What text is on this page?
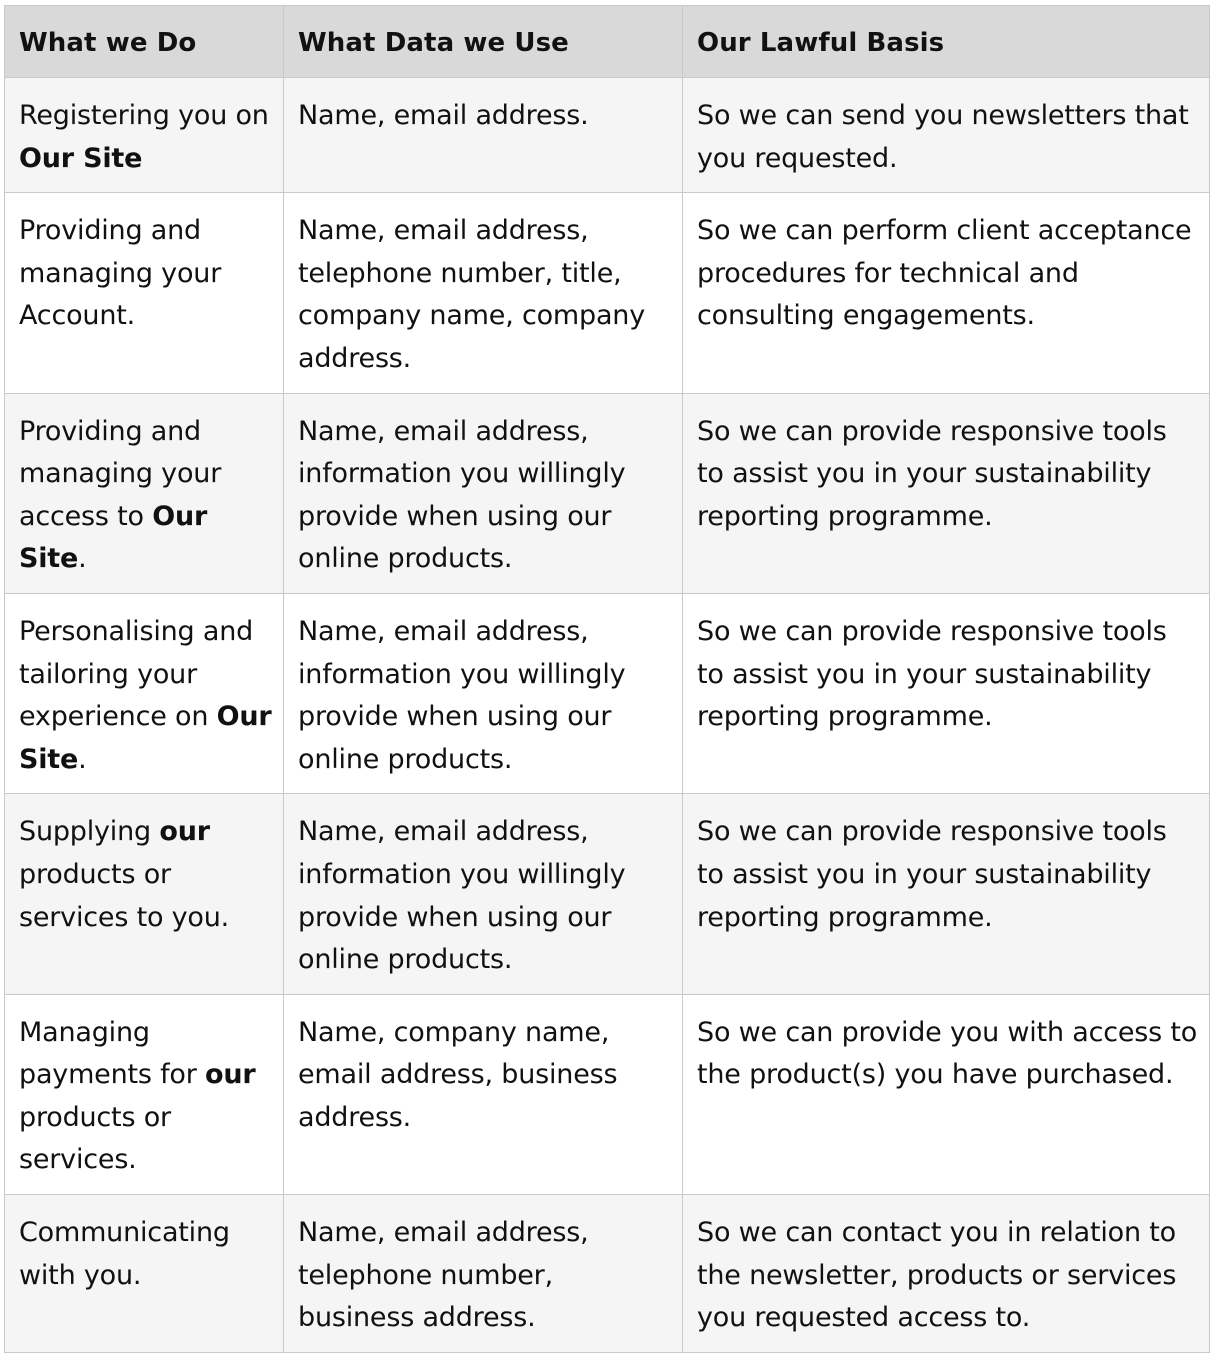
What we Do	What Data we Use	Our Lawful Basis
Registering you on Our Site	Name, email address.	So we can send you newsletters that you requested.
Providing and managing your Account.	Name, email address, telephone number, title, company name, company address.	So we can perform client acceptance procedures for technical and consulting engagements.
Providing and managing your access to Our Site.	Name, email address, information you willingly provide when using our online products.	So we can provide responsive tools to assist you in your sustainability reporting programme.
Personalising and tailoring your experience on Our Site.	Name, email address, information you willingly provide when using our online products.	So we can provide responsive tools to assist you in your sustainability reporting programme.
Supplying our products or services to you.	Name, email address, information you willingly provide when using our online products.	So we can provide responsive tools to assist you in your sustainability reporting programme.
Managing payments for our products or services.	Name, company name, email address, business address.	So we can provide you with access to the product(s) you have purchased.
Communicating with you.	Name, email address, telephone number, business address.	So we can contact you in relation to the newsletter, products or services you requested access to.
